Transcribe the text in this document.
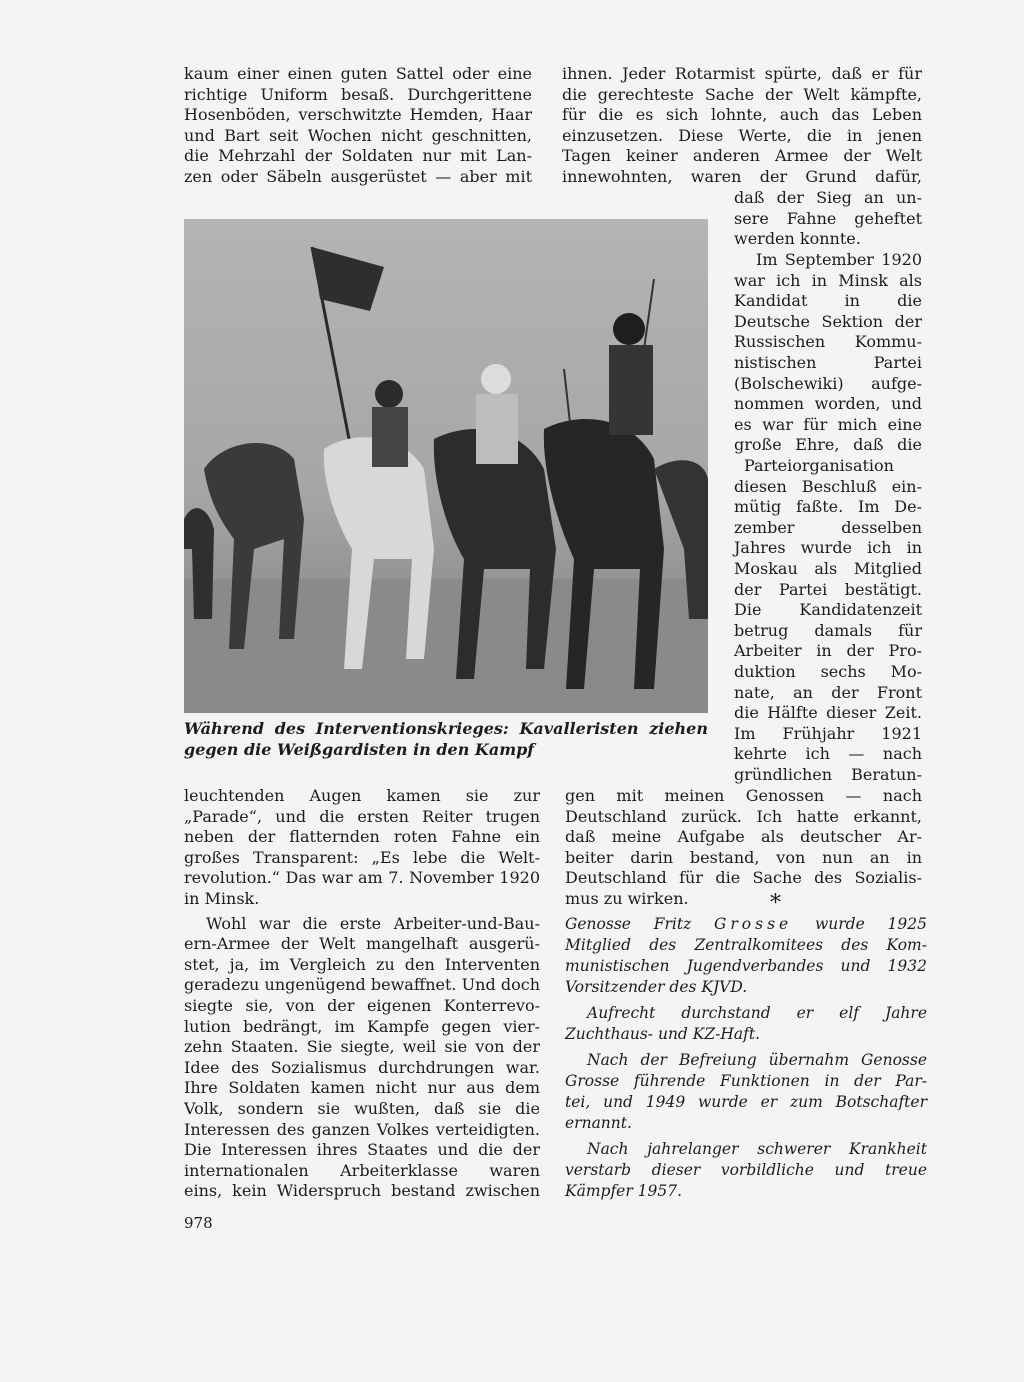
kaum einer einen guten Sattel oder eine
richtige Uniform besaß. Durchgerittene
Hosenböden, verschwitzte Hemden, Haar
und Bart seit Wochen nicht geschnitten,
die Mehrzahl der Soldaten nur mit Lan-
zen oder Säbeln ausgerüstet — aber mit

ihnen. Jeder Rotarmist spürte, daß er für
die gerechteste Sache der Welt kämpfte,
für die es sich lohnte, auch das Leben
einzusetzen. Diese Werte, die in jenen
Tagen keiner anderen Armee der Welt
innewohnten, waren der Grund dafür,

daß der Sieg an un-
sere Fahne geheftet
werden konnte.

Im September 1920
war ich in Minsk als
Kandidat in die
Deutsche Sektion der
Russischen Kommu-
nistischen Partei
(Bolschewiki) aufge-
nommen worden, und
es war für mich eine
große Ehre, daß die

Parteiorganisation
diesen Beschluß ein-
mütig faßte. Im De-
zember desselben
Jahres wurde ich in
Moskau als Mitglied
der Partei bestätigt.
Die Kandidatenzeit
betrug damals für
Arbeiter in der Pro-
duktion sechs Mo-
nate, an der Front
die Hälfte dieser Zeit.
Im Frühjahr 1921
kehrte ich — nach
gründlichen Beratun-

gen mit meinen Genossen — nach
Deutschland zurück. Ich hatte erkannt,
daß meine Aufgabe als deutscher Ar-
beiter darin bestand, von nun an in
Deutschland für die Sache des Sozialis-
mus zu wirken.

Während des Interventionskrieges: Kavalleristen ziehen
gegen die Weißgardisten in den Kampf

leuchtenden Augen kamen sie zur
„Parade“, und die ersten Reiter trugen
neben der flatternden roten Fahne ein
großes Transparent: „Es lebe die Welt-
revolution.“ Das war am 7. November 1920
in Minsk.

Wohl war die erste Arbeiter-und-Bau-
ern-Armee der Welt mangelhaft ausgerü-
stet, ja, im Vergleich zu den Interventen
geradezu ungenügend bewaffnet. Und doch
siegte sie, von der eigenen Konterrevo-
lution bedrängt, im Kampfe gegen vier-
zehn Staaten. Sie siegte, weil sie von der
Idee des Sozialismus durchdrungen war.
Ihre Soldaten kamen nicht nur aus dem
Volk, sondern sie wußten, daß sie die
Interessen des ganzen Volkes verteidigten.
Die Interessen ihres Staates und die der
internationalen Arbeiterklasse waren
eins, kein Widerspruch bestand zwischen

*

Genosse Fritz Grosse wurde 1925
Mitglied des Zentralkomitees des Kom-
munistischen Jugendverbandes und 1932
Vorsitzender des KJVD.

Aufrecht durchstand er elf Jahre
Zuchthaus- und KZ-Haft.

Nach der Befreiung übernahm Genosse
Grosse führende Funktionen in der Par-
tei, und 1949 wurde er zum Botschafter
ernannt.

Nach jahrelanger schwerer Krankheit
verstarb dieser vorbildliche und treue
Kämpfer 1957.

978
